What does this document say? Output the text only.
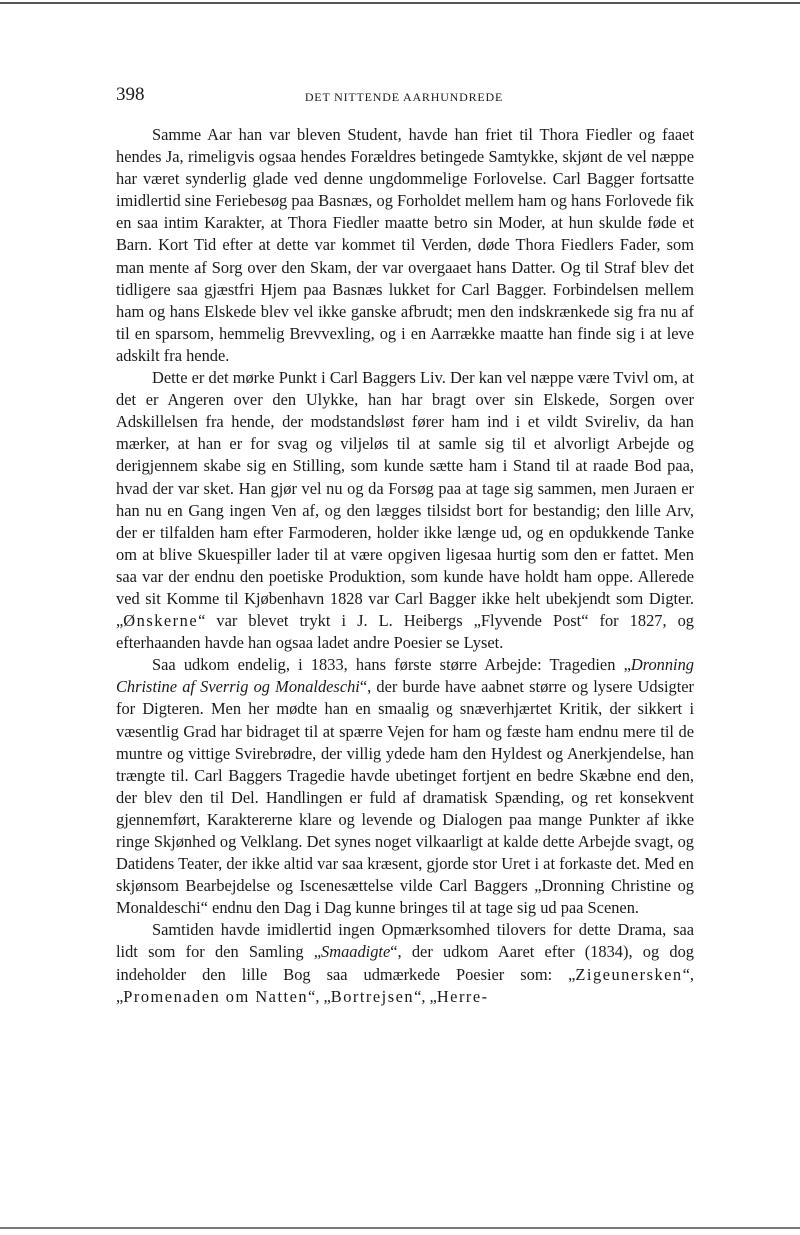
398	DET NITTENDE AARHUNDREDE

Samme Aar han var bleven Student, havde han friet til Thora Fiedler og faaet hendes Ja, rimeligvis ogsaa hendes Forældres betingede Samtykke, skjønt de vel næppe har været synderlig glade ved denne ungdommelige Forlovelse. Carl Bagger fortsatte imidlertid sine Feriebesøg paa Basnæs, og Forholdet mellem ham og hans Forlovede fik en saa intim Karakter, at Thora Fiedler maatte betro sin Moder, at hun skulde føde et Barn. Kort Tid efter at dette var kommet til Verden, døde Thora Fiedlers Fader, som man mente af Sorg over den Skam, der var overgaaet hans Datter. Og til Straf blev det tidligere saa gjæstfri Hjem paa Basnæs lukket for Carl Bagger. Forbindelsen mellem ham og hans Elskede blev vel ikke ganske afbrudt; men den indskrænkede sig fra nu af til en sparsom, hemmelig Brevvexling, og i en Aarrække maatte han finde sig i at leve adskilt fra hende.

Dette er det mørke Punkt i Carl Baggers Liv. Der kan vel næppe være Tvivl om, at det er Angeren over den Ulykke, han har bragt over sin Elskede, Sorgen over Adskillelsen fra hende, der modstandsløst fører ham ind i et vildt Svireliv, da han mærker, at han er for svag og viljeløs til at samle sig til et alvorligt Arbejde og derigjennem skabe sig en Stilling, som kunde sætte ham i Stand til at raade Bod paa, hvad der var sket. Han gjør vel nu og da Forsøg paa at tage sig sammen, men Juraen er han nu en Gang ingen Ven af, og den lægges tilsidst bort for bestandig; den lille Arv, der er tilfalden ham efter Farmoderen, holder ikke længe ud, og en opdukkende Tanke om at blive Skuespiller lader til at være opgiven ligesaa hurtig som den er fattet. Men saa var der endnu den poetiske Produktion, som kunde have holdt ham oppe. Allerede ved sit Komme til Kjøbenhavn 1828 var Carl Bagger ikke helt ubekjendt som Digter. „Ønskerne“ var blevet trykt i J. L. Heibergs „Flyvende Post“ for 1827, og efterhaanden havde han ogsaa ladet andre Poesier se Lyset.

Saa udkom endelig, i 1833, hans første større Arbejde: Tragedien „Dronning Christine af Sverrig og Monaldeschi“, der burde have aabnet større og lysere Udsigter for Digteren. Men her mødte han en smaalig og snæverhjærtet Kritik, der sikkert i væsentlig Grad har bidraget til at spærre Vejen for ham og fæste ham endnu mere til de muntre og vittige Svirebrødre, der villig ydede ham den Hyldest og Anerkjendelse, han trængte til. Carl Baggers Tragedie havde ubetinget fortjent en bedre Skæbne end den, der blev den til Del. Handlingen er fuld af dramatisk Spænding, og ret konsekvent gjennemført, Karaktererne klare og levende og Dialogen paa mange Punkter af ikke ringe Skjønhed og Velklang. Det synes noget vilkaarligt at kalde dette Arbejde svagt, og Datidens Teater, der ikke altid var saa kræsent, gjorde stor Uret i at forkaste det. Med en skjønsom Bearbejdelse og Iscenesættelse vilde Carl Baggers „Dronning Christine og Monaldeschi“ endnu den Dag i Dag kunne bringes til at tage sig ud paa Scenen.

Samtiden havde imidlertid ingen Opmærksomhed tilovers for dette Drama, saa lidt som for den Samling „Smaadigte“, der udkom Aaret efter (1834), og dog indeholder den lille Bog saa udmærkede Poesier som: „Zigeunersken“, „Promenaden om Natten“, „Bortrejsen“, „Herre-
